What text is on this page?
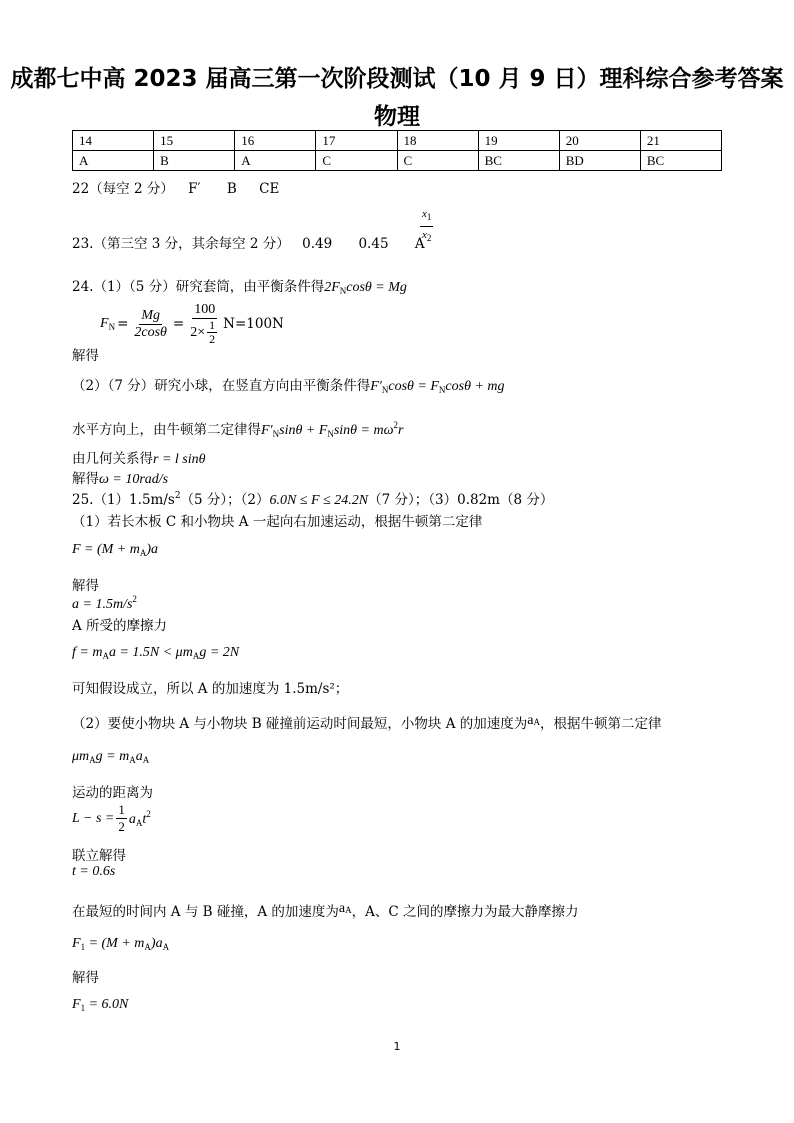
成都七中高 2023 届高三第一次阶段测试（10 月 9 日）理科综合参考答案
物理
14	15	16	17	18	19	20	21
A	B	A	C	C	BC	BD	BC
22（每空 2 分） F′ B CE
23.（第三空 3 分，其余每空 2 分） 0.49 0.45 A
$x_1$
$x_2$
24.（1）（5 分）研究套筒，由平衡条件得$2F_N\cos\theta = Mg$
$F_N = \frac{Mg}{2\cos\theta} = \frac{100}{2\times \frac{1}{2}} N=100N$
解得
（2）（7 分）研究小球，在竖直方向由平衡条件得$F'_N\cos\theta = F_N\cos\theta$ + mg
水平方向上，由牛顿第二定律得$F'_N\sin\theta + F_N\sin\theta = m\omega^2r$
由几何关系得r = l sinθ
解得ω = 10rad/s
$25.(1)1.5m/s^2(5$ 分）；（2）6.0N ≤ F ≤ 24.2N（7 分）；（3）0.82m（8 分）
（1）若长木板 C 和小物块 A 一起向右加速运动，根据牛顿第二定律
$F = (M + m_A)a$
解得
$a = 1.5m/s^2$
A 所受的摩擦力
$f = m_Aa = 1.5N < \mu m_Ag = 2N$
可知假设成立，所以 A 的加速度为 1.5m/s²；
（2）要使小物块 A 与小物块 B 碰撞前运动时间最短，小物块 A 的加速度为$a^A$，根据牛顿第二定律
$\mu m_Ag = m_Aa_A$
运动的距离为
$L - s = \frac{1}{2} a_At^2$
联立解得
t = 0.6s
在最短的时间内 A 与 B 碰撞，A 的加速度为$a^A$，A、C 之间的摩擦力为最大静摩擦力
$F_1 = (M + m_A)a_A$
解得
$F_1 = 6.0N$
1
